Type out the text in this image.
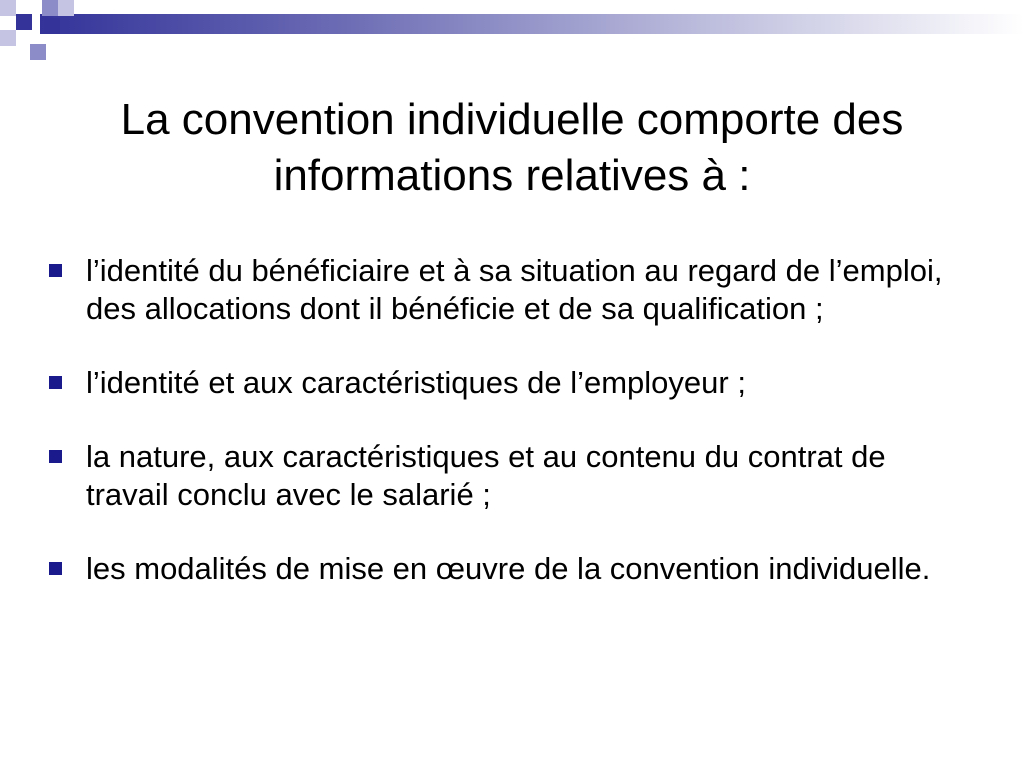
La convention individuelle comporte des informations relatives à :
l’identité du bénéficiaire et à sa situation au regard de l’emploi, des allocations dont il bénéficie et de sa qualification ;
l’identité et aux caractéristiques de l’employeur ;
la nature, aux caractéristiques et au contenu du contrat de travail conclu avec le salarié ;
les modalités de mise en œuvre de la convention individuelle.
